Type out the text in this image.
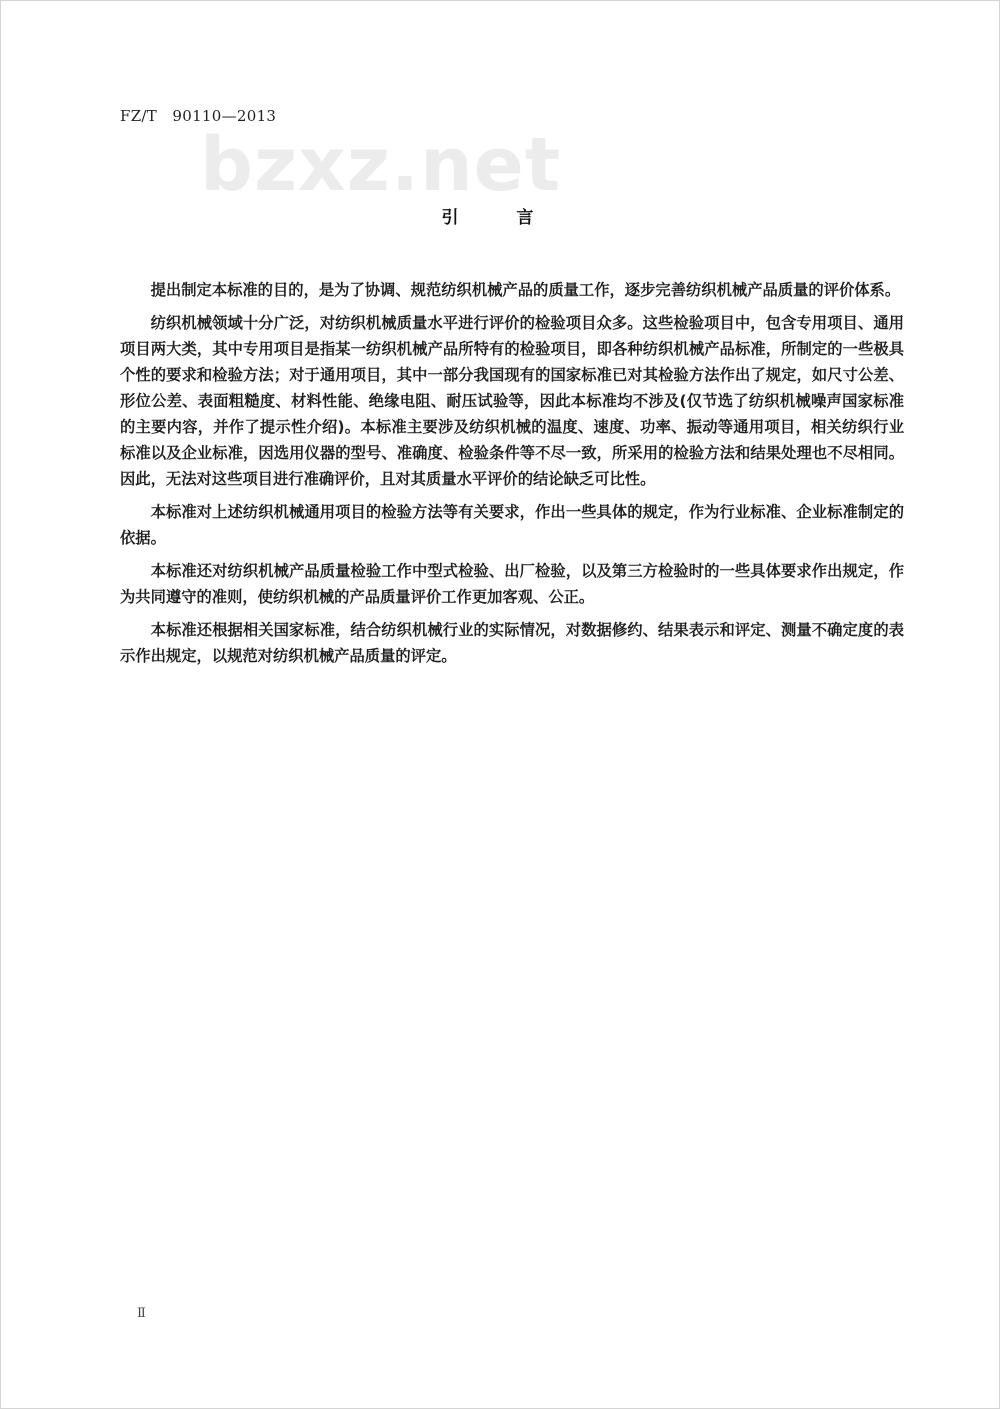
FZ/T　90110—2013
bzxz.net
引言

提出制定本标准的目的，是为了协调、规范纺织机械产品的质量工作，逐步完善纺织机械产品质量的评价体系。

纺织机械领域十分广泛，对纺织机械质量水平进行评价的检验项目众多。这些检验项目中，包含专用项目、通用项目两大类，其中专用项目是指某一纺织机械产品所特有的检验项目，即各种纺织机械产品标准，所制定的一些极具个性的要求和检验方法；对于通用项目，其中一部分我国现有的国家标准已对其检验方法作出了规定，如尺寸公差、形位公差、表面粗糙度、材料性能、绝缘电阻、耐压试验等，因此本标准均不涉及(仅节选了纺织机械噪声国家标准的主要内容，并作了提示性介绍)。本标准主要涉及纺织机械的温度、速度、功率、振动等通用项目，相关纺织行业标准以及企业标准，因选用仪器的型号、准确度、检验条件等不尽一致，所采用的检验方法和结果处理也不尽相同。因此，无法对这些项目进行准确评价，且对其质量水平评价的结论缺乏可比性。

本标准对上述纺织机械通用项目的检验方法等有关要求，作出一些具体的规定，作为行业标准、企业标准制定的依据。

本标准还对纺织机械产品质量检验工作中型式检验、出厂检验，以及第三方检验时的一些具体要求作出规定，作为共同遵守的准则，使纺织机械的产品质量评价工作更加客观、公正。

本标准还根据相关国家标准，结合纺织机械行业的实际情况，对数据修约、结果表示和评定、测量不确定度的表示作出规定，以规范对纺织机械产品质量的评定。

Ⅱ
